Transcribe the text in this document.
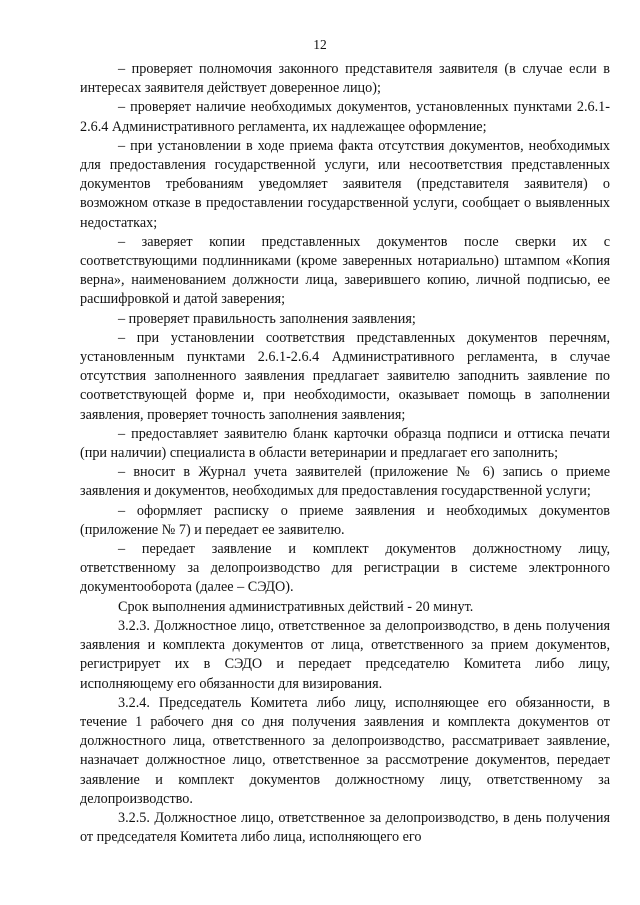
12

– проверяет полномочия законного представителя заявителя (в случае если в интересах заявителя действует доверенное лицо);

– проверяет наличие необходимых документов, установленных пунктами 2.6.1-2.6.4 Административного регламента, их надлежащее оформление;

– при установлении в ходе приема факта отсутствия документов, необходимых для предоставления государственной услуги, или несоответствия представленных документов требованиям уведомляет заявителя (представителя заявителя) о возможном отказе в предоставлении государственной услуги, сообщает о выявленных недостатках;

– заверяет копии представленных документов после сверки их с соответствующими подлинниками (кроме заверенных нотариально) штампом «Копия верна», наименованием должности лица, заверившего копию, личной подписью, ее расшифровкой и датой заверения;

– проверяет правильность заполнения заявления;

– при установлении соответствия представленных документов перечням, установленным пунктами 2.6.1-2.6.4 Административного регламента, в случае отсутствия заполненного заявления предлагает заявителю заподнить заявление по соответствующей форме и, при необходимости, оказывает помощь в заполнении заявления, проверяет точность заполнения заявления;

– предоставляет заявителю бланк карточки образца подписи и оттиска печати (при наличии) специалиста в области ветеринарии и предлагает его заполнить;

– вносит в Журнал учета заявителей (приложение № 6) запись о приеме заявления и документов, необходимых для предоставления государственной услуги;

– оформляет расписку о приеме заявления и необходимых документов (приложение № 7) и передает ее заявителю.

– передает заявление и комплект документов должностному лицу, ответственному за делопроизводство для регистрации в системе электронного документооборота (далее – СЭДО).

Срок выполнения административных действий - 20 минут.

3.2.3. Должностное лицо, ответственное за делопроизводство, в день получения заявления и комплекта документов от лица, ответственного за прием документов, регистрирует их в СЭДО и передает председателю Комитета либо лицу, исполняющему его обязанности для визирования.

3.2.4. Председатель Комитета либо лицу, исполняющее его обязанности, в течение 1 рабочего дня со дня получения заявления и комплекта документов от должностного лица, ответственного за делопроизводство, рассматривает заявление, назначает должностное лицо, ответственное за рассмотрение документов, передает заявление и комплект документов должностному лицу, ответственному за делопроизводство.

3.2.5. Должностное лицо, ответственное за делопроизводство, в день получения от председателя Комитета либо лица, исполняющего его
